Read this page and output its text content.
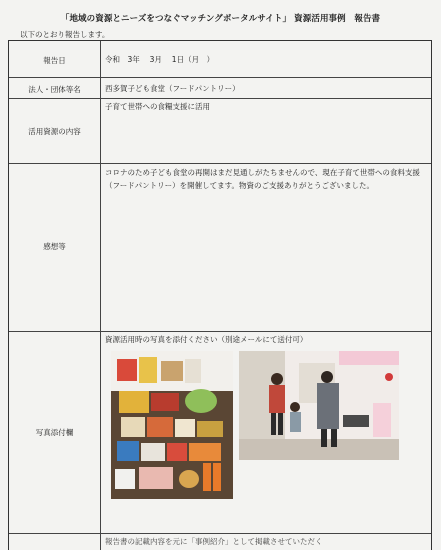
「地域の資源とニーズをつなぐマッチングポータルサイト」 資源活用事例　報告書
以下のとおり報告します。
報告日	令和　3年　 3月　 1日（月　）
法人・団体等名	西多賀子ども食堂（フードパントリー）
活用資源の内容
子育て世帯への食糧支援に活用
感想等
コロナのため子ども食堂の再開はまだ見通しがたちませんので、現在子育て世帯への食料支援（フードパントリー）を開催してます。物資のご支援ありがとうございました。
写真添付欄
資源活用時の写真を添付ください（別途メールにて送付可）
報告書の記載内容を元に「事例紹介」として掲載させていただく
